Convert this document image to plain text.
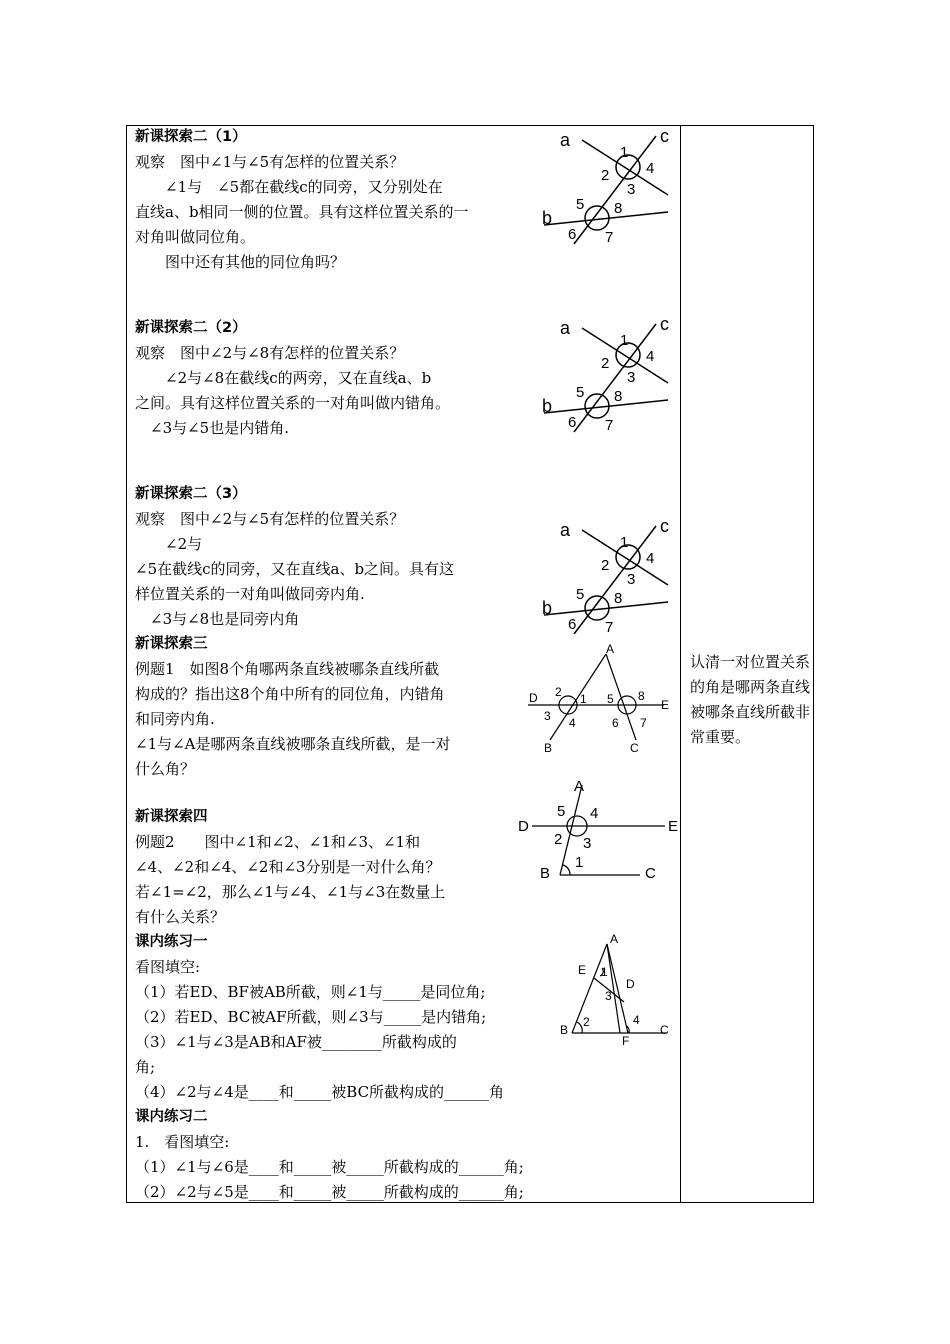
新课探索二（1）
观察　图中∠1与∠5有怎样的位置关系？
　　∠1与　∠5都在截线c的同旁，又分别处在
直线a、b相同一侧的位置。具有这样位置关系的一
对角叫做同位角。
　　图中还有其他的同位角吗？
新课探索二（2）
观察　图中∠2与∠8有怎样的位置关系？
　　∠2与∠8在截线c的两旁，又在直线a、b
之间。具有这样位置关系的一对角叫做内错角。
　∠3与∠5也是内错角.
新课探索二（3）
观察　图中∠2与∠5有怎样的位置关系？
　　∠2与
∠5在截线c的同旁，又在直线a、b之间。具有这
样位置关系的一对角叫做同旁内角.
　∠3与∠8也是同旁内角
新课探索三
例题1　如图8个角哪两条直线被哪条直线所截
构成的？指出这8个角中所有的同位角，内错角
和同旁内角.
∠1与∠A是哪两条直线被哪条直线所截，是一对
什么角？
新课探索四
例题2　　图中∠1和∠2、∠1和∠3、∠1和
∠4、∠2和∠4、∠2和∠3分别是一对什么角？
若∠1=∠2，那么∠1与∠4、∠1与∠3在数量上
有什么关系？
课内练习一
看图填空:
（1）若ED、BF被AB所截，则∠1与_____是同位角;
（2）若ED、BC被AF所截，则∠3与_____是内错角;
（3）∠1与∠3是AB和AF被________所截构成的
角;
（4）∠2与∠4是____和_____被BC所截构成的______角
课内练习二
1.　看图填空:
（1）∠1与∠6是____和_____被_____所截构成的______角;
（2）∠2与∠5是____和_____被_____所截构成的______角;
认清一对位置关系的角是哪两条直线被哪条直线所截非常重要。
a
b
c
1
2
3
4
5
6 7
8
a
b
c
1
2
3
4
5
6 7
8
a
b
c
1
2
3
4
5
6 7
8
A
B	C
D	E
1
2
3 4
5
6 7
8
A
B	C
D	E
1
2 3
4
5
A
B	C
D
E
F
1
2
3
4
